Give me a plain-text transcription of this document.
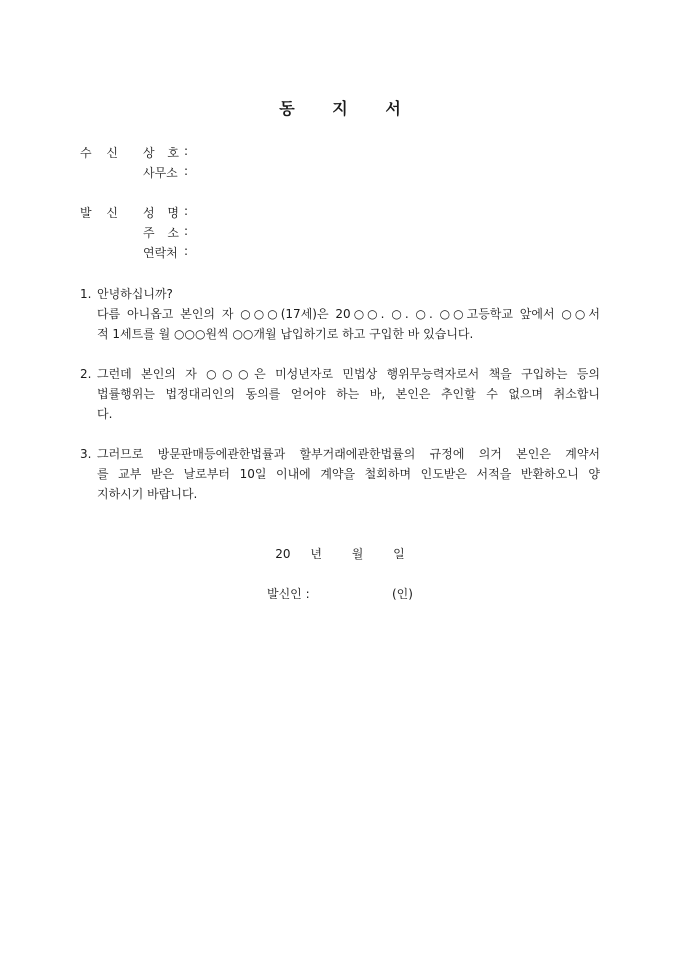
동 지 서
수 신 상 호 :
사무소 :
발 신 성 명 :
주 소 :
연락처 :
1. 안녕하십니까?
다름 아니옵고 본인의 자 ○○○(17세)은 20○○. ○. ○. ○○고등학교 앞에서 ○○서
적 1세트를 월 ○○○원씩 ○○개월 납입하기로 하고 구입한 바 있습니다.
2. 그런데 본인의 자 ○○○은 미성년자로 민법상 행위무능력자로서 책을 구입하는 등의
법률행위는 법정대리인의 동의를 얻어야 하는 바, 본인은 추인할 수 없으며 취소합니
다.
3. 그러므로 방문판매등에관한법률과 할부거래에관한법률의 규정에 의거 본인은 계약서
를 교부 받은 날로부터 10일 이내에 계약을 철회하며 인도받은 서적을 반환하오니 양
지하시기 바랍니다.
20 년 월 일
발신인 :	(인)
